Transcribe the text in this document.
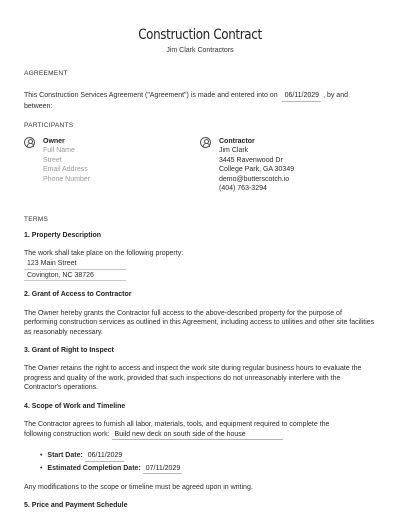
Construction Contract
Jim Clark Contractors
AGREEMENT

This Construction Services Agreement ("Agreement") is made and entered into on 06/11/2029 , by and between:

PARTICIPANTS
Owner
Full Name
Street
Email Address
Phone Number
Contractor
Jim Clark
3445 Ravenwood Dr
College Park, GA 30349
demo@butterscotch.io
(404) 763-3294
TERMS
1. Property Description

The work shall take place on the following property:

123 Main Street
Covington, NC 38726
2. Grant of Access to Contractor

The Owner hereby grants the Contractor full access to the above-described property for the purpose of performing construction services as outlined in this Agreement, including access to utilities and other site facilities as reasonably necessary.

3. Grant of Right to Inspect

The Owner retains the right to access and inspect the work site during regular business hours to evaluate the progress and quality of the work, provided that such inspections do not unreasonably interfere with the Contractor's operations.

4. Scope of Work and Timeline

The Contractor agrees to furnish all labor, materials, tools, and equipment required to complete the
following construction work: Build new deck on south side of the house

• Start Date: 06/11/2029
• Estimated Completion Date: 07/11/2029

Any modifications to the scope or timeline must be agreed upon in writing.

5. Price and Payment Schedule
